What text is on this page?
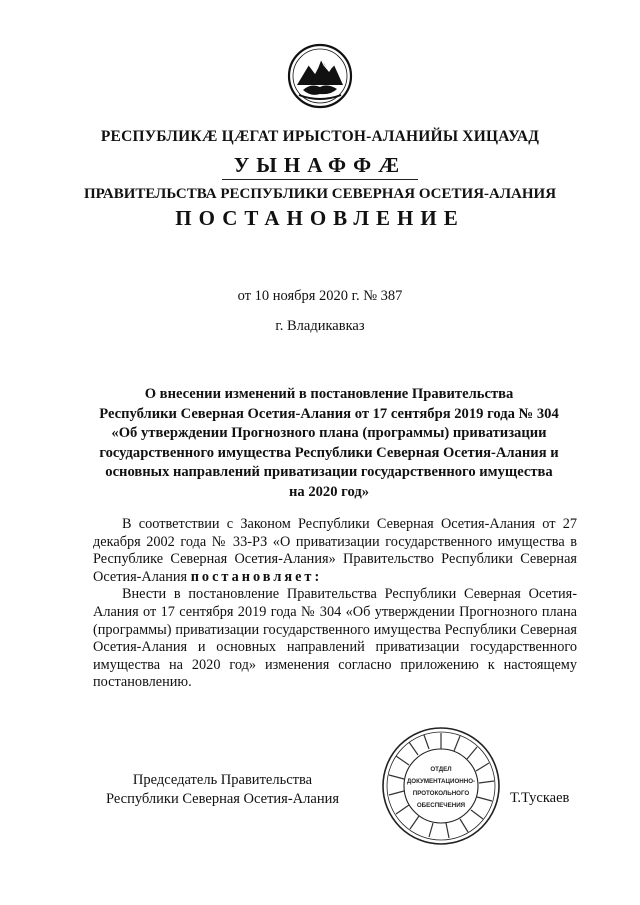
РЕСПУБЛИКӔ ЦӔГАТ ИРЫСТОН-АЛАНИЙЫ ХИЦАУАД
УЫНАФФӔ
ПРАВИТЕЛЬСТВА РЕСПУБЛИКИ СЕВЕРНАЯ ОСЕТИЯ-АЛАНИЯ
ПОСТАНОВЛЕНИЕ
от 10 ноября 2020 г. № 387
г. Владикавказ
О внесении изменений в постановление Правительства
Республики Северная Осетия-Алания от 17 сентября 2019 года № 304
«Об утверждении Прогнозного плана (программы) приватизации
государственного имущества Республики Северная Осетия-Алания и
основных направлений приватизации государственного имущества
на 2020 год»

В соответствии с Законом Республики Северная Осетия-Алания от 27 декабря 2002 года № 33-РЗ «О приватизации государственного имущества в Республике Северная Осетия-Алания» Правительство Республики Северная Осетия-Алания постановляет:

Внести в постановление Правительства Республики Северная Осетия-Алания от 17 сентября 2019 года № 304 «Об утверждении Прогнозного плана (программы) приватизации государственного имущества Республики Северная Осетия-Алания и основных направлений приватизации государственного имущества на 2020 год» изменения согласно приложению к настоящему постановлению.

Председатель Правительства
Республики Северная Осетия-Алания
ОТДЕЛ
ДОКУМЕНТАЦИОННО-
ПРОТОКОЛЬНОГО
ОБЕСПЕЧЕНИЯ	Т.Тускаев
